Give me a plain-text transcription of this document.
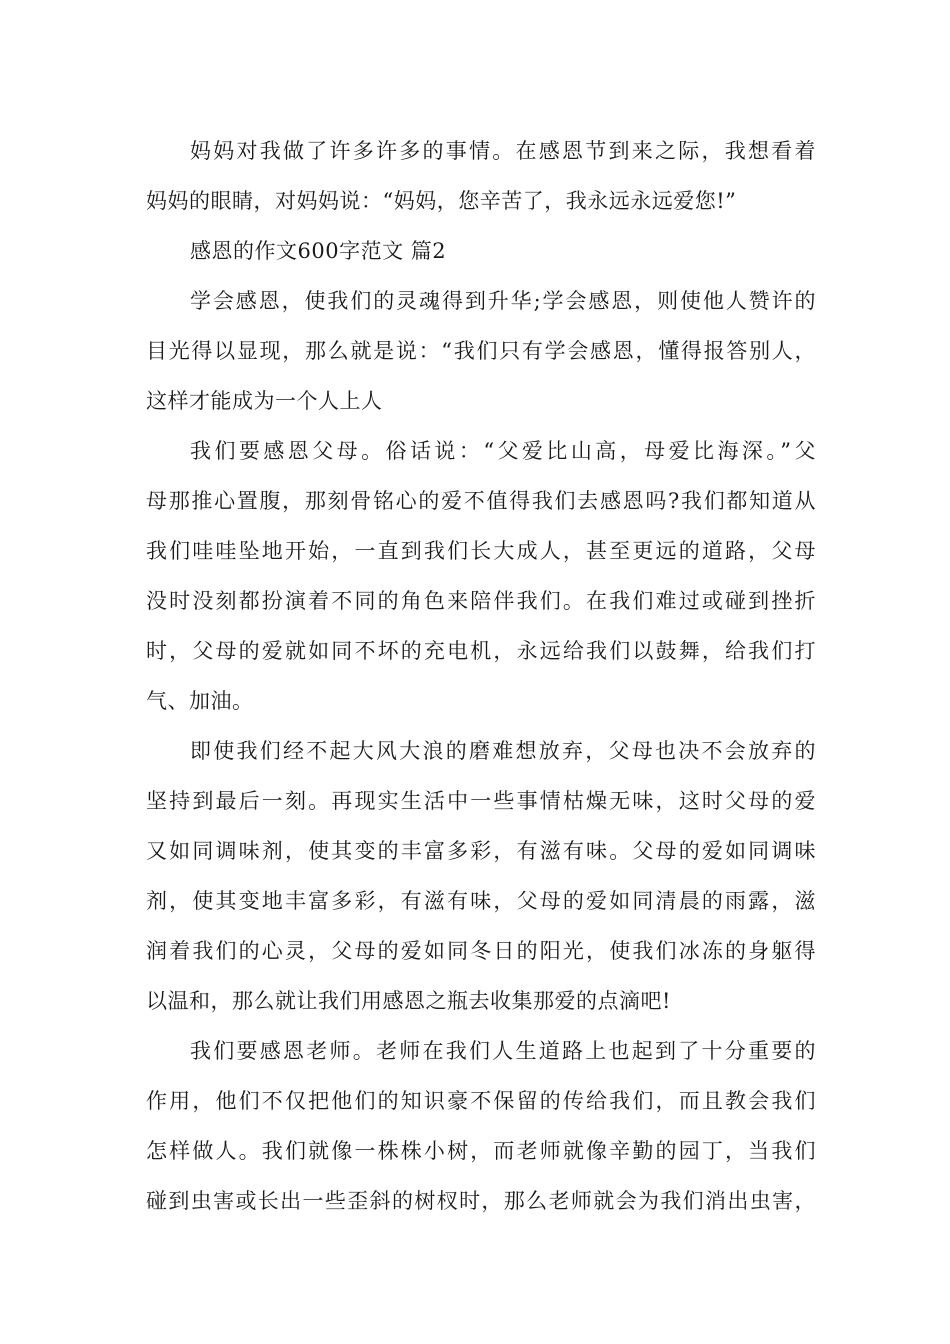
妈妈对我做了许多许多的事情。在感恩节到来之际，我想看着

妈妈的眼睛，对妈妈说：“妈妈，您辛苦了，我永远永远爱您!”

感恩的作文600字范文 篇2

学会感恩，使我们的灵魂得到升华;学会感恩，则使他人赞许的

目光得以显现，那么就是说：“我们只有学会感恩，懂得报答别人，

这样才能成为一个人上人

我们要感恩父母。俗话说：“父爱比山高，母爱比海深。”父

母那推心置腹，那刻骨铭心的爱不值得我们去感恩吗?我们都知道从

我们哇哇坠地开始，一直到我们长大成人，甚至更远的道路，父母

没时没刻都扮演着不同的角色来陪伴我们。在我们难过或碰到挫折

时，父母的爱就如同不坏的充电机，永远给我们以鼓舞，给我们打

气、加油。

即使我们经不起大风大浪的磨难想放弃，父母也决不会放弃的

坚持到最后一刻。再现实生活中一些事情枯燥无味，这时父母的爱

又如同调味剂，使其变的丰富多彩，有滋有味。父母的爱如同调味

剂，使其变地丰富多彩，有滋有味，父母的爱如同清晨的雨露，滋

润着我们的心灵，父母的爱如同冬日的阳光，使我们冰冻的身躯得

以温和，那么就让我们用感恩之瓶去收集那爱的点滴吧!

我们要感恩老师。老师在我们人生道路上也起到了十分重要的

作用，他们不仅把他们的知识豪不保留的传给我们，而且教会我们

怎样做人。我们就像一株株小树，而老师就像辛勤的园丁，当我们

碰到虫害或长出一些歪斜的树杈时，那么老师就会为我们消出虫害，
